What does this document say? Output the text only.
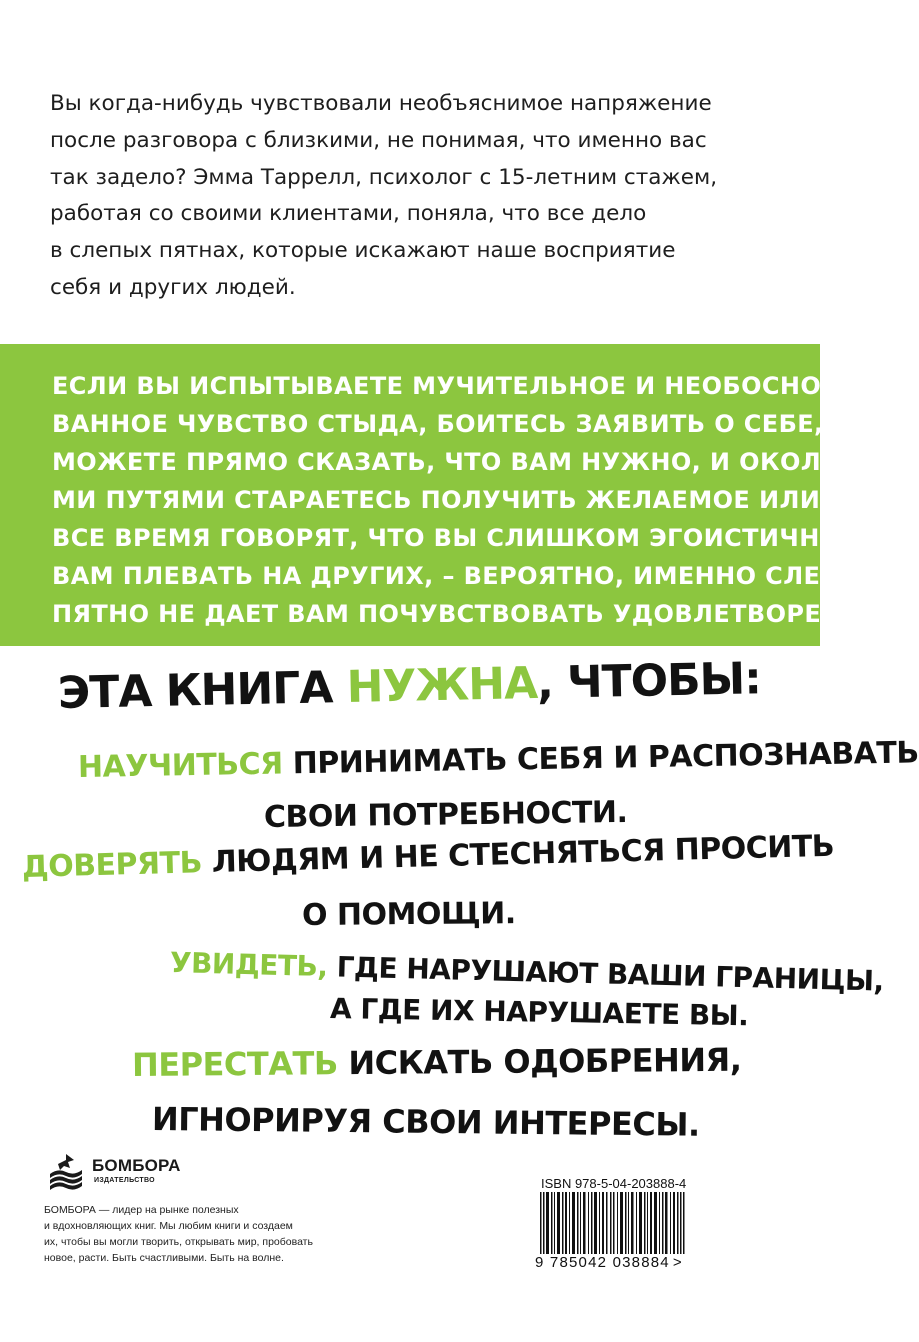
Вы когда-нибудь чувствовали необъяснимое напряжение
после разговора с близкими, не понимая, что именно вас
так задело? Эмма Таррелл, психолог с 15-летним стажем,
работая со своими клиентами, поняла, что все дело
в слепых пятнах, которые искажают наше восприятие
себя и других людей.

ЕСЛИ ВЫ ИСПЫТЫВАЕТЕ МУЧИТЕЛЬНОЕ И НЕОБОСНО-
ВАННОЕ ЧУВСТВО СТЫДА, БОИТЕСЬ ЗАЯВИТЬ О СЕБЕ, НЕ
МОЖЕТЕ ПРЯМО СКАЗАТЬ, ЧТО ВАМ НУЖНО, И ОКОЛЬНЫ-
МИ ПУТЯМИ СТАРАЕТЕСЬ ПОЛУЧИТЬ ЖЕЛАЕМОЕ ИЛИ ВАМ
ВСЕ ВРЕМЯ ГОВОРЯТ, ЧТО ВЫ СЛИШКОМ ЭГОИСТИЧНЫ И
ВАМ ПЛЕВАТЬ НА ДРУГИХ, – ВЕРОЯТНО, ИМЕННО СЛЕПОЕ
ПЯТНО НЕ ДАЕТ ВАМ ПОЧУВСТВОВАТЬ УДОВЛЕТВОРЕНИЕ.
ЭТА КНИГА НУЖНА, ЧТОБЫ:
НАУЧИТЬСЯ ПРИНИМАТЬ СЕБЯ И РАСПОЗНАВАТЬ
СВОИ ПОТРЕБНОСТИ.
ДОВЕРЯТЬ ЛЮДЯМ И НЕ СТЕСНЯТЬСЯ ПРОСИТЬ
О ПОМОЩИ.
УВИДЕТЬ, ГДЕ НАРУШАЮТ ВАШИ ГРАНИЦЫ,
А ГДЕ ИХ НАРУШАЕТЕ ВЫ.
ПЕРЕСТАТЬ ИСКАТЬ ОДОБРЕНИЯ,
ИГНОРИРУЯ СВОИ ИНТЕРЕСЫ.
БОМБОРА
ИЗДАТЕЛЬСТВО
БОМБОРА — лидер на рынке полезных
и вдохновляющих книг. Мы любим книги и создаем
их, чтобы вы могли творить, открывать мир, пробовать
новое, расти. Быть счастливыми. Быть на волне.
ISBN 978-5-04-203888-4
9 785042 038884 >
